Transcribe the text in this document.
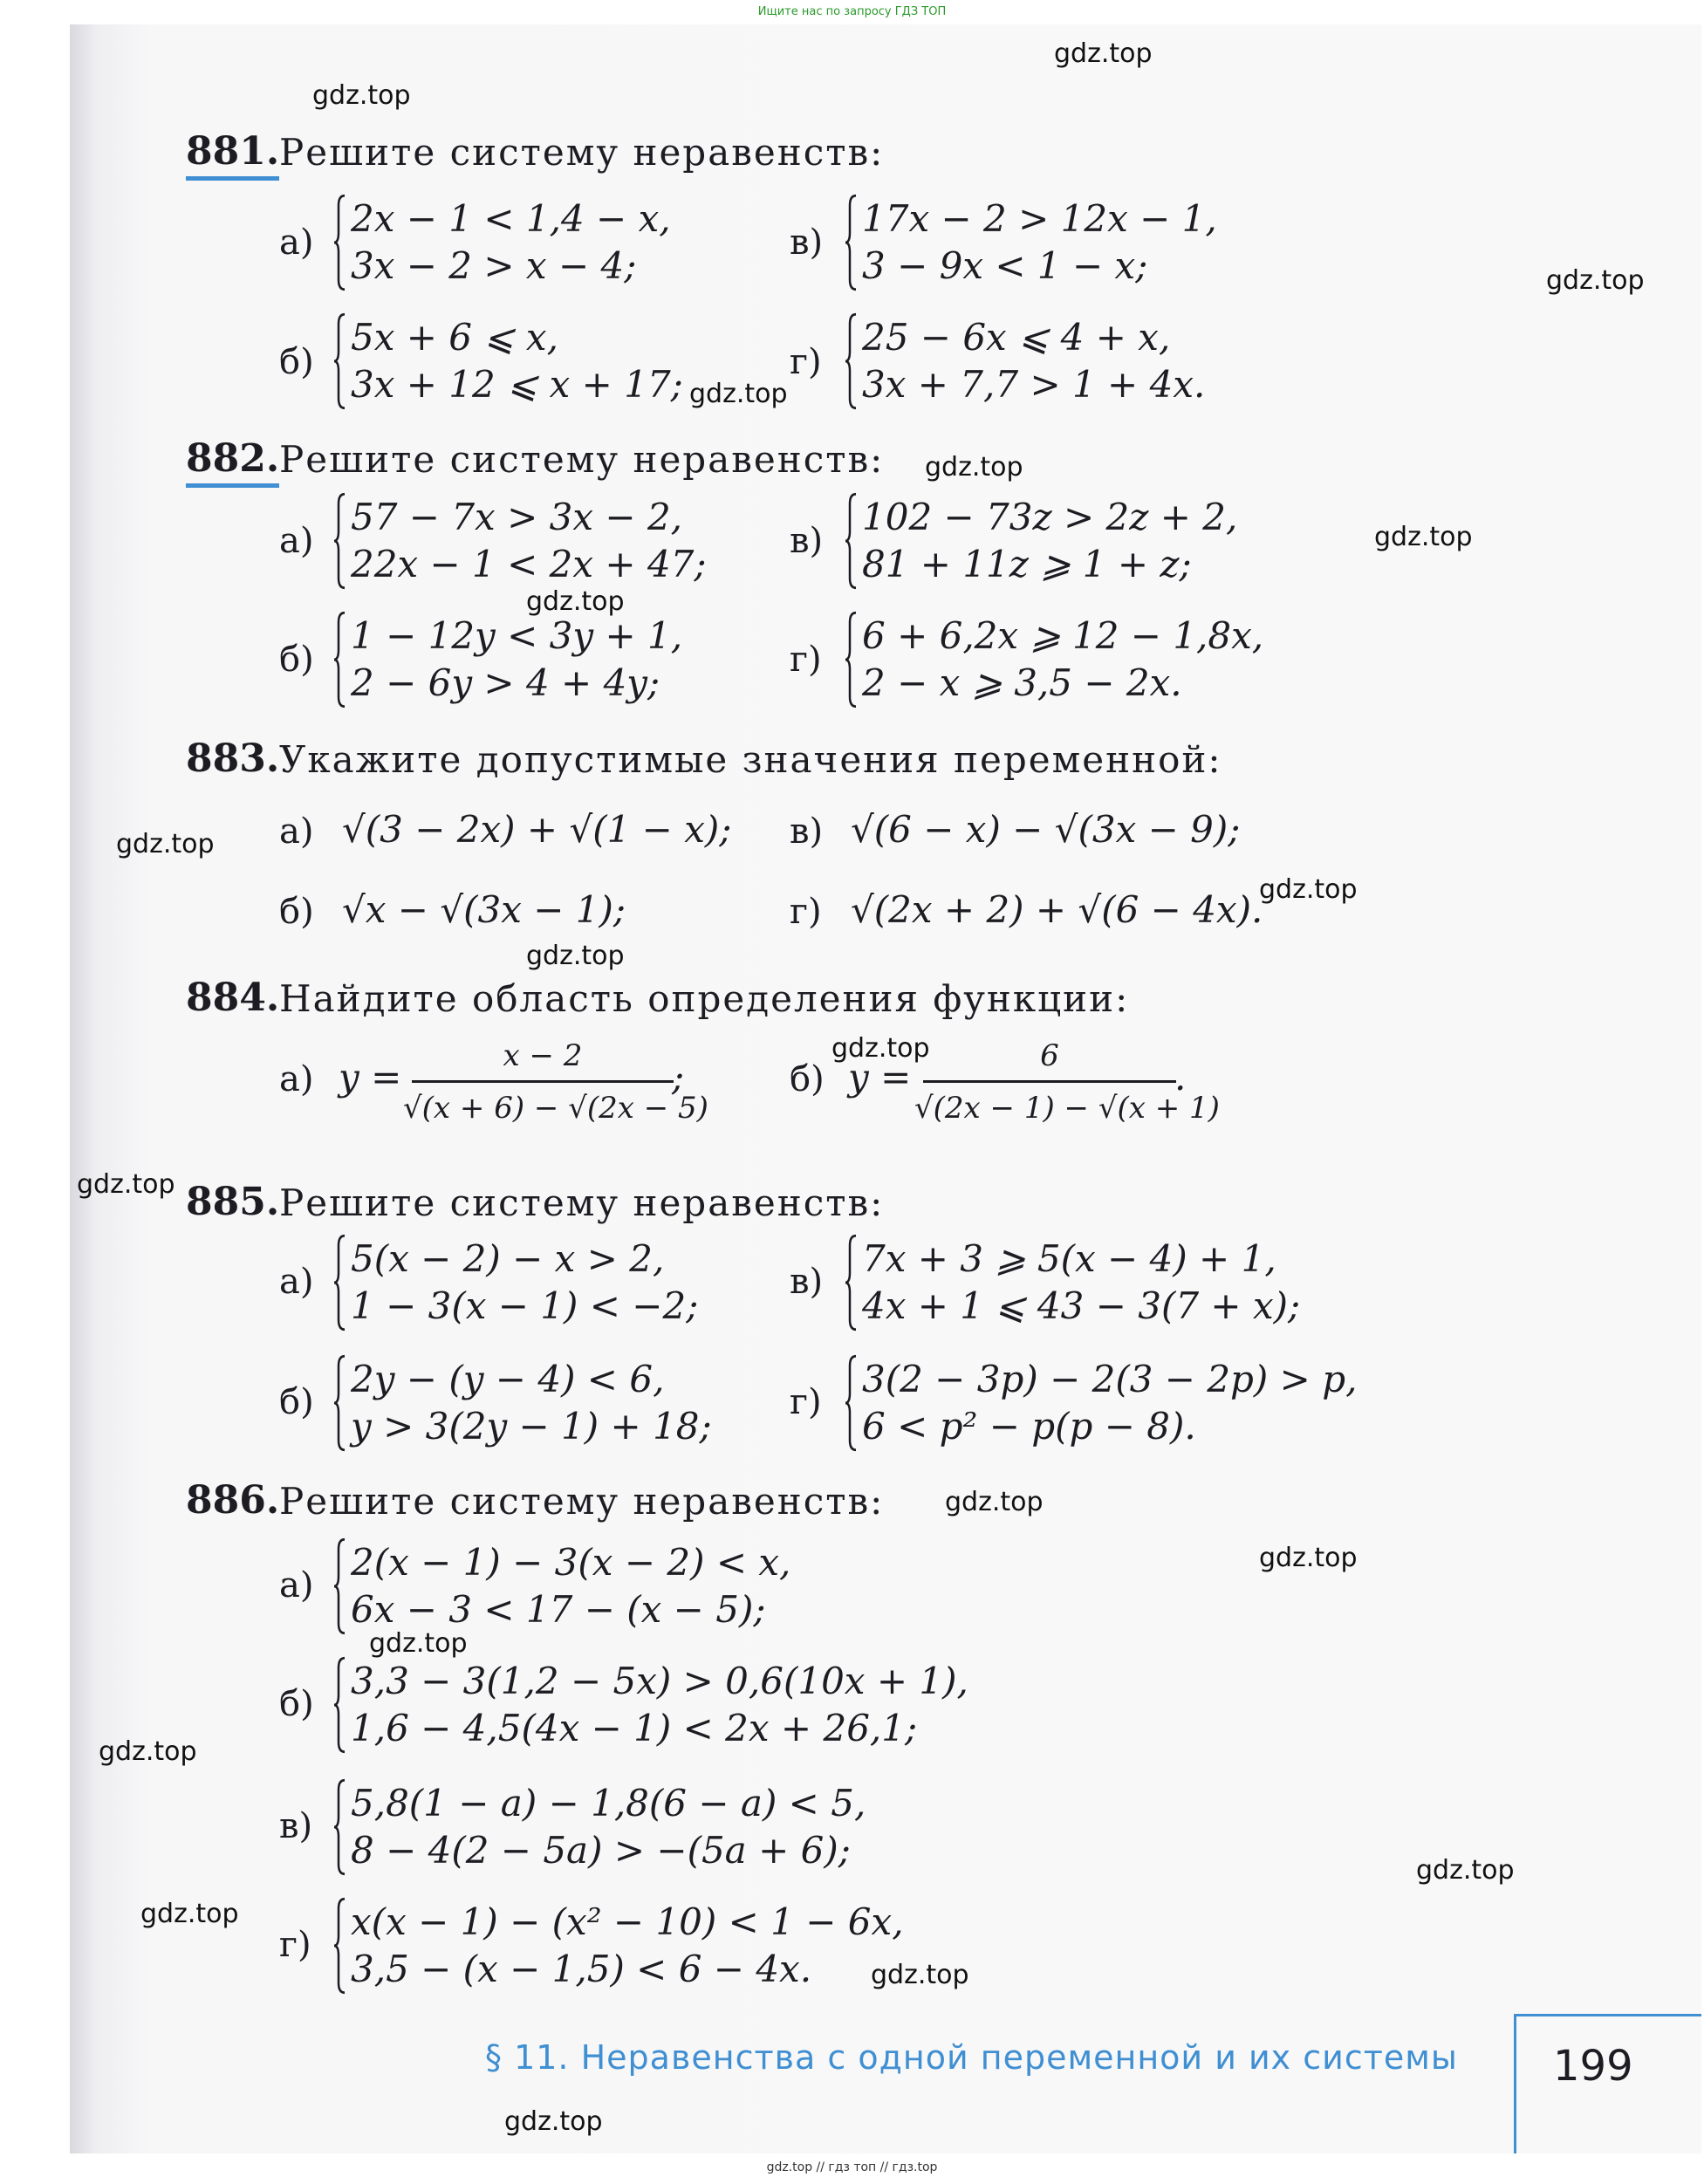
Ищите нас по запросу ГДЗ ТОП
gdz.top
gdz.top
gdz.top
gdz.top
gdz.top
gdz.top
gdz.top
gdz.top
gdz.top
gdz.top
gdz.top
gdz.top
gdz.top
gdz.top
gdz.top
gdz.top
gdz.top
gdz.top
gdz.top
gdz.top
881. Решите систему неравенств:
а)
2x − 1 < 1,4 − x,
3x − 2 > x − 4;
в)
17x − 2 > 12x − 1,
3 − 9x < 1 − x;
б)
5x + 6 ⩽ x,
3x + 12 ⩽ x + 17;
г)
25 − 6x ⩽ 4 + x,
3x + 7,7 > 1 + 4x.
882. Решите систему неравенств:
а)
57 − 7x > 3x − 2,
22x − 1 < 2x + 47;
в)
102 − 73z > 2z + 2,
81 + 11z ⩾ 1 + z;
б)
1 − 12y < 3y + 1,
2 − 6y > 4 + 4y;
г)
6 + 6,2x ⩾ 12 − 1,8x,
2 − x ⩾ 3,5 − 2x.
883. Укажите допустимые значения переменной:
а) √(3 − 2x) + √(1 − x); в) √(6 − x) − √(3x − 9);
б) √x − √(3x − 1);	г) √(2x + 2) + √(6 − 4x).
884. Найдите область определения функции:
а) y =	x − 2
√(x + 6) − √(2x − 5)
;	б) y =	6
√(2x − 1) − √(x + 1)
.
885. Решите систему неравенств:
а)
5(x − 2) − x > 2,
1 − 3(x − 1) < −2;
в)
7x + 3 ⩾ 5(x − 4) + 1,
4x + 1 ⩽ 43 − 3(7 + x);
б)
2y − (y − 4) < 6,
y > 3(2y − 1) + 18;
г)
3(2 − 3p) − 2(3 − 2p) > p,
6 < p² − p(p − 8).
886. Решите систему неравенств:
а)
2(x − 1) − 3(x − 2) < x,
6x − 3 < 17 − (x − 5);
б)
3,3 − 3(1,2 − 5x) > 0,6(10x + 1),
1,6 − 4,5(4x − 1) < 2x + 26,1;
в)
5,8(1 − a) − 1,8(6 − a) < 5,
8 − 4(2 − 5a) > −(5a + 6);
г)
x(x − 1) − (x² − 10) < 1 − 6x,
3,5 − (x − 1,5) < 6 − 4x.
§ 11. Неравенства с одной переменной и их системы 199
gdz.top // гдз топ // гдз.top
